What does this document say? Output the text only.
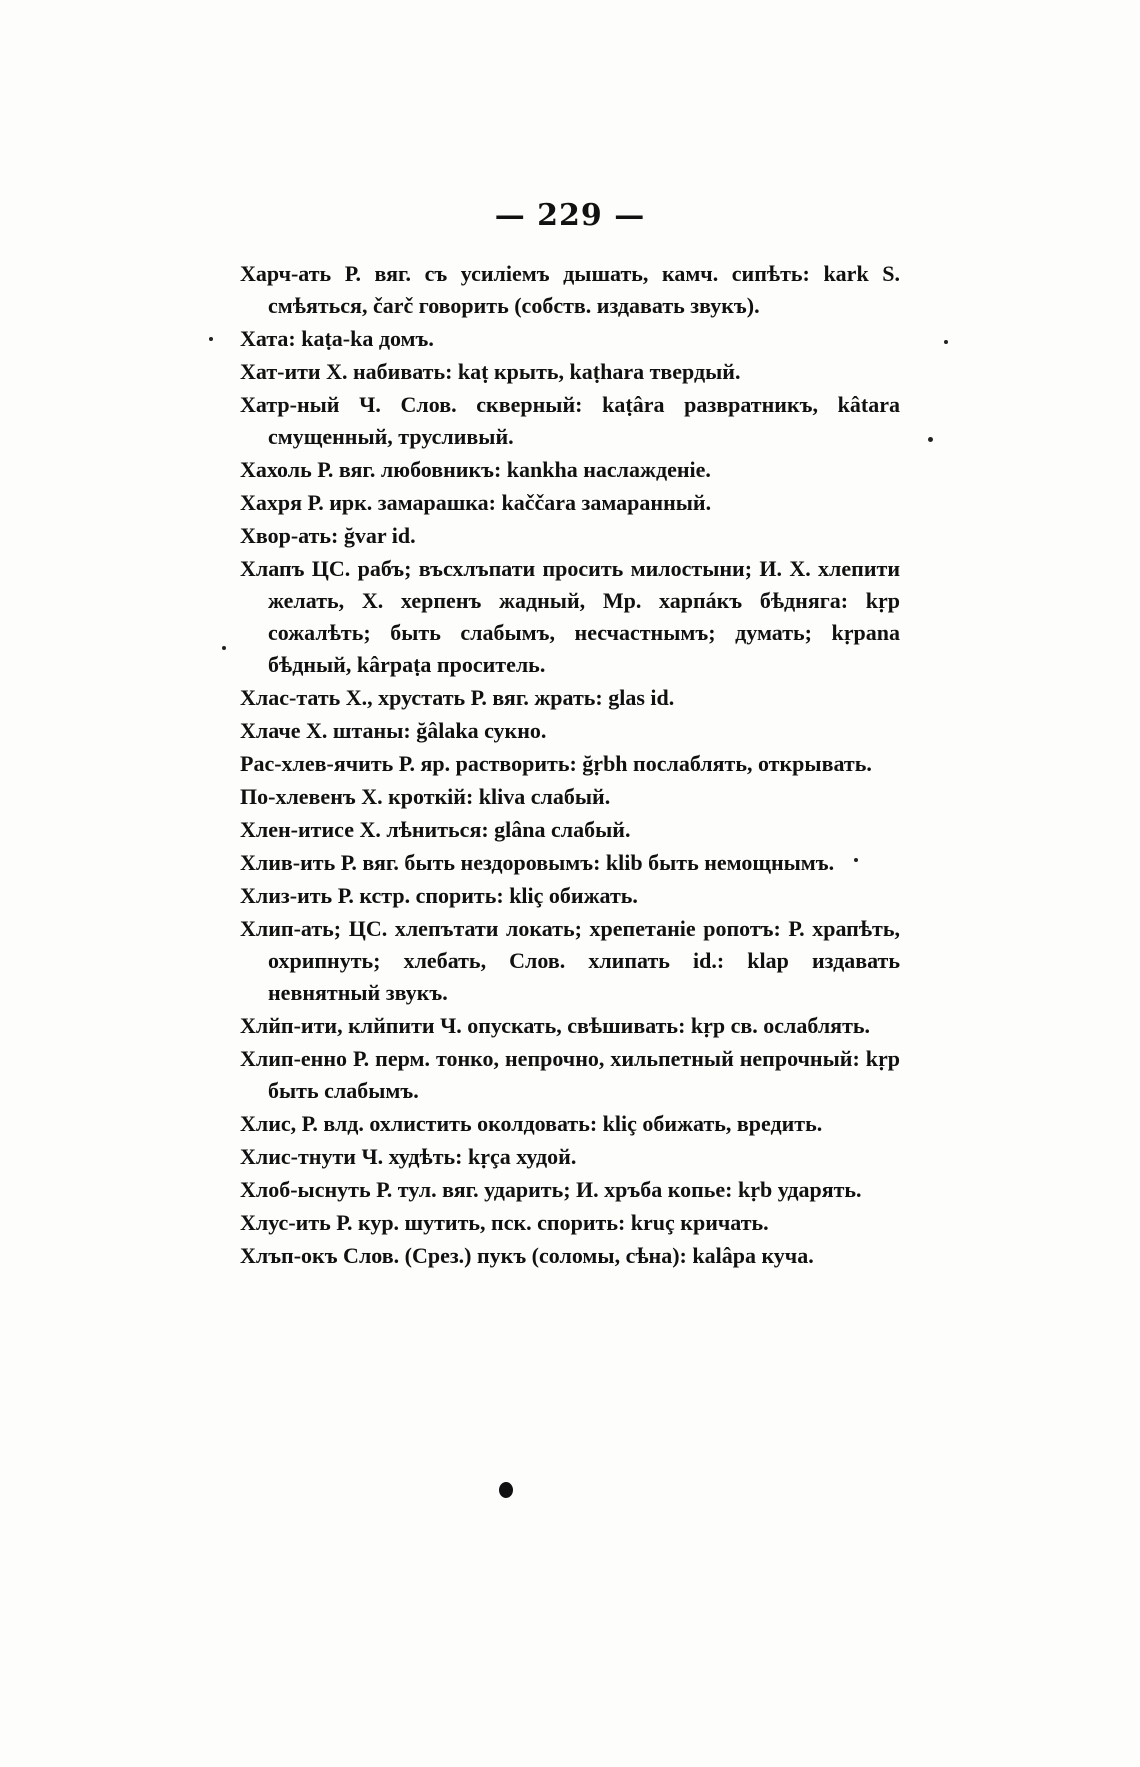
— 229 —

Харч-ать Р. вяг. съ усиліемъ дышать, камч. сипѣть: kark S. смѣяться, čarč говорить (собств. издавать звукъ).

Хата: kaṭa-ka домъ.

Хат-ити Х. набивать: kaṭ крыть, kaṭhara твердый.

Хатр-ный Ч. Слов. скверный: kaṭâra развратникъ, kâtara смущенный, трусливый.

Хахоль Р. вяг. любовникъ: kankha наслажденіе.

Хахря Р. ирк. замарашка: kaččara замаранный.

Хвор-ать: ğvar id.

Хлапъ ЦС. рабъ; въсхлъпати просить милостыни; И. Х. хлепити желать, Х. херпенъ жадный, Мр. харпáкъ бѣдняга: kṛp сожалѣть; быть слабымъ, несчастнымъ; думать; kṛpana бѣдный, kârpaṭa проситель.

Хлас-тать Х., хрустать Р. вяг. жрать: glas id.

Хлаче Х. штаны: ğâlaka сукно.

Рас-хлев-ячить Р. яр. растворить: ğṛbh послаблять, открывать.

По-хлевенъ Х. кроткій: kliva слабый.

Хлен-итисе Х. лѣниться: glâna слабый.

Хлив-ить Р. вяг. быть нездоровымъ: klib быть немощнымъ.

Хлиз-ить Р. кстр. спорить: kliç обижать.

Хлип-ать; ЦС. хлепътати локать; хрепетаніе ропотъ: Р. храпѣть, охрипнуть; хлебать, Слов. хлипать id.: klap издавать невнятный звукъ.

Хлйп-ити, клйпити Ч. опускать, свѣшивать: kṛp св. ослаблять.

Хлип-енно Р. перм. тонко, непрочно, хильпетный непрочный: kṛp быть слабымъ.

Хлис, Р. влд. охлистить околдовать: kliç обижать, вредить.

Хлис-тнути Ч. худѣть: kṛça худой.

Хлоб-ыснуть Р. тул. вяг. ударить; И. хръба копье: kṛb ударять.

Хлус-ить Р. кур. шутить, пск. спорить: kruç кричать.

Хлъп-окъ Слов. (Срез.) пукъ (соломы, сѣна): kalâpa куча.
